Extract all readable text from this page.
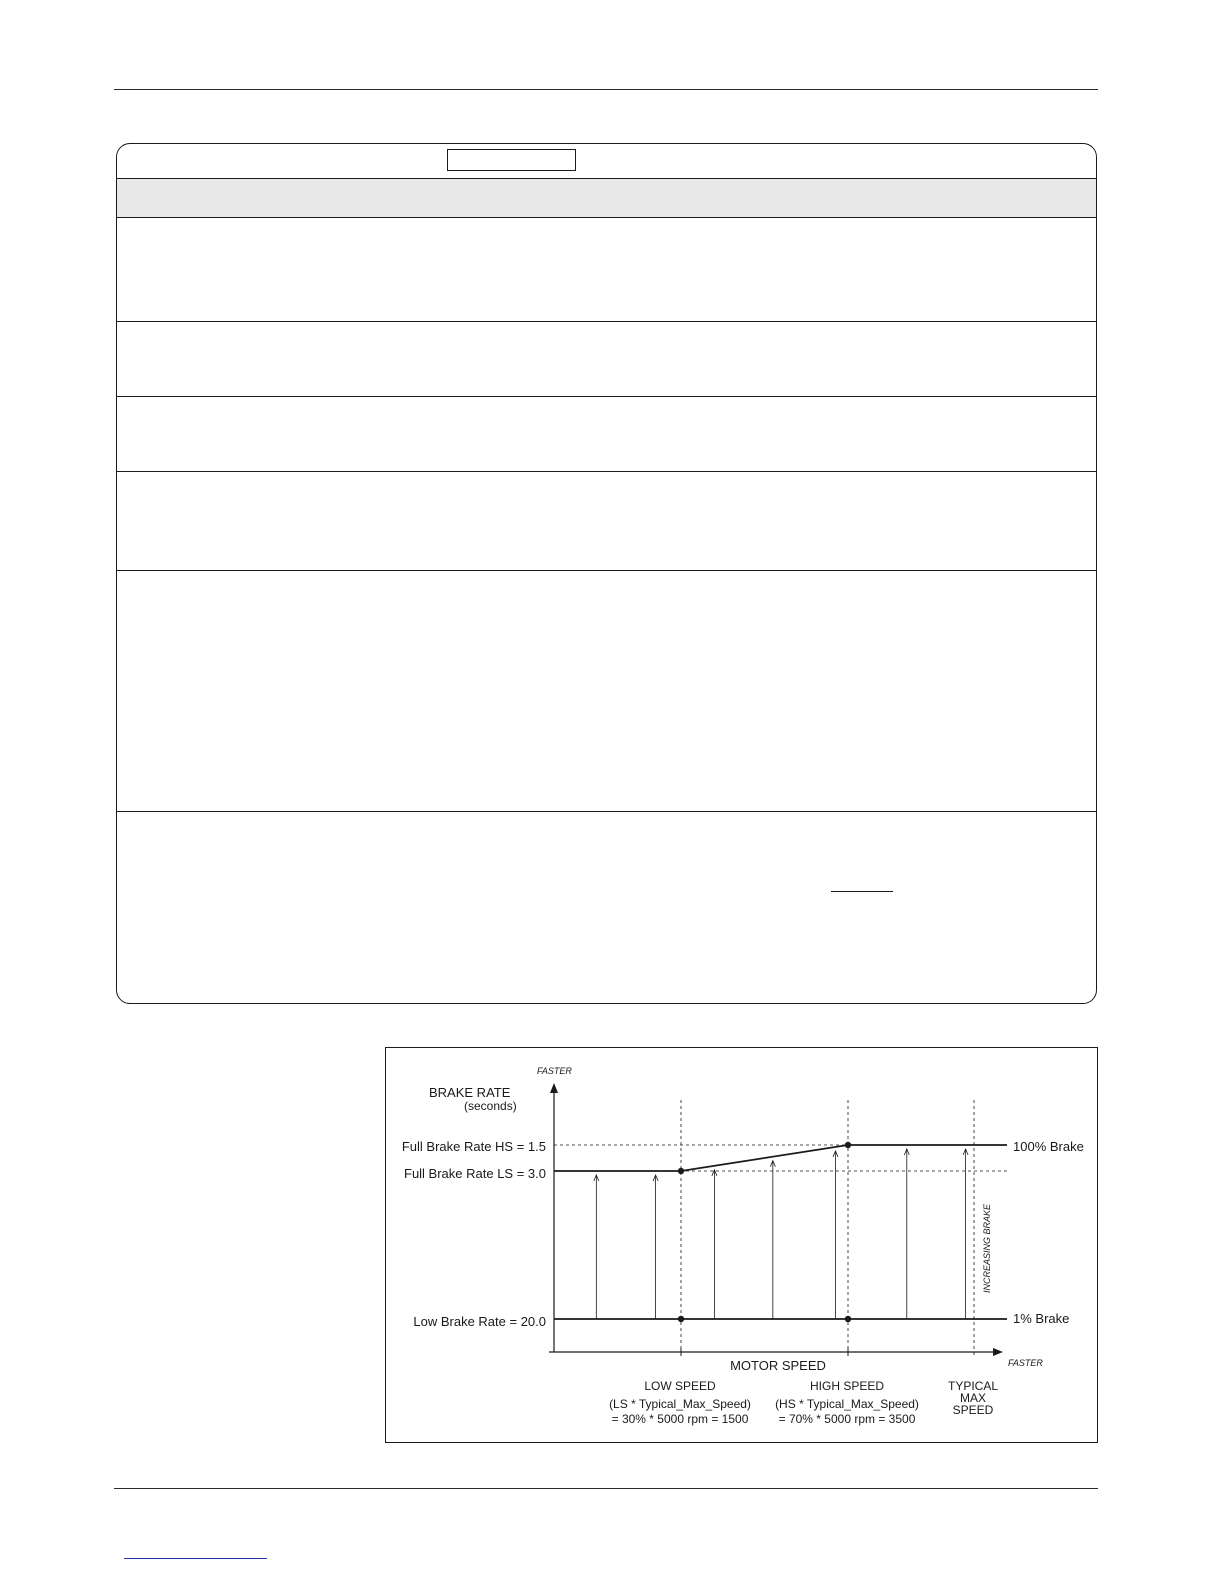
FASTER
BRAKE RATE
(seconds)
Full Brake Rate HS = 1.5
Full Brake Rate LS = 3.0
Low Brake Rate = 20.0
100% Brake
1% Brake
INCREASING BRAKE
MOTOR SPEED	FASTER
LOW SPEED
(LS * Typical_Max_Speed)
= 30% * 5000 rpm = 1500
HIGH SPEED
(HS * Typical_Max_Speed)
= 70% * 5000 rpm = 3500
TYPICAL
MAX
SPEED
